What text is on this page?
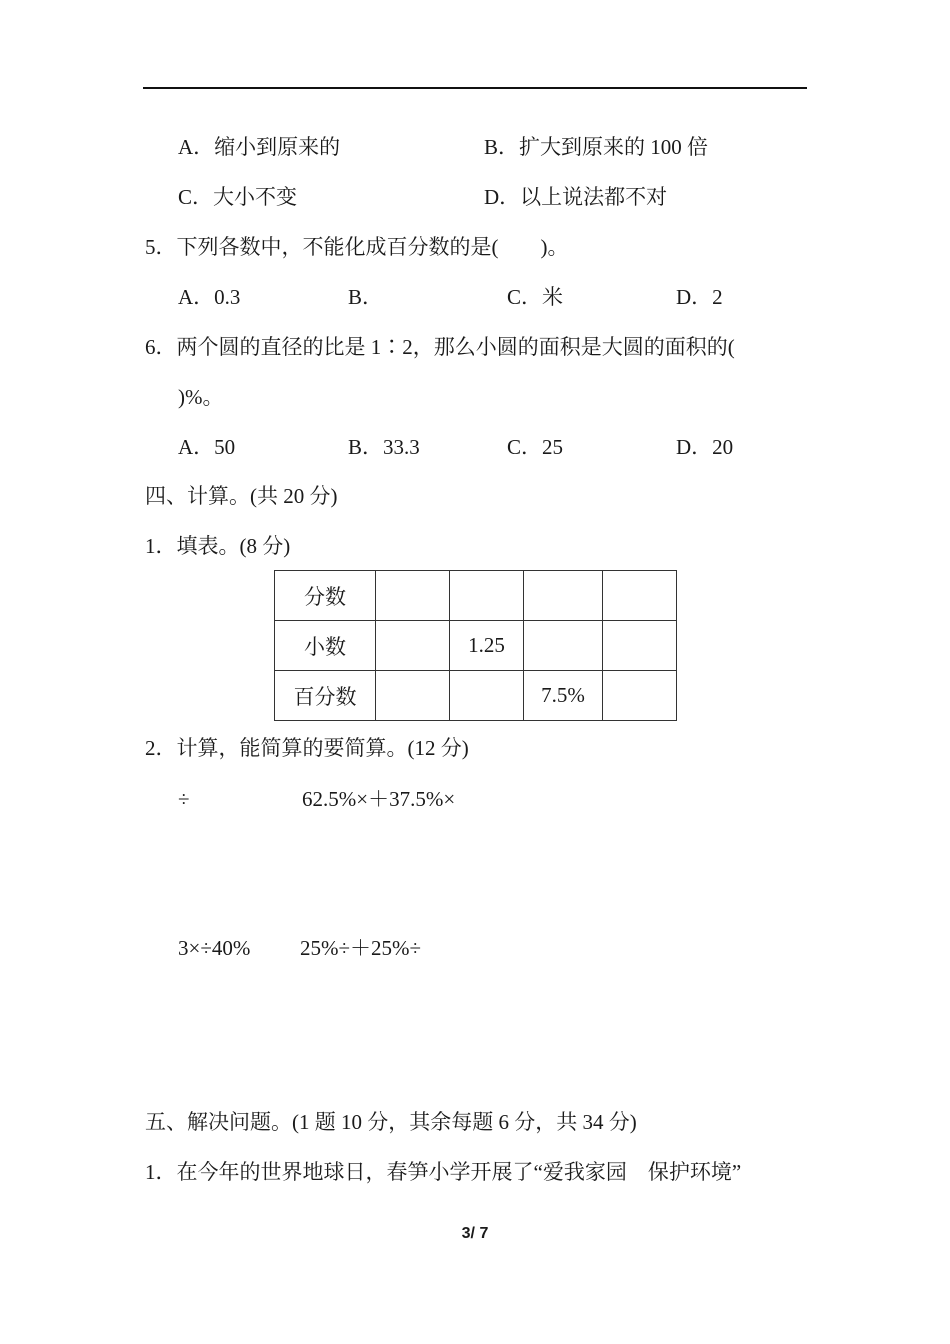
A．缩小到原来的	B．扩大到原来的 100 倍
C．大小不变	D．以上说法都不对
5．下列各数中，不能化成百分数的是(　　)。
A．0.3	B．	C．米	D．2
6．两个圆的直径的比是 1∶2，那么小圆的面积是大圆的面积的(
)%。
A．50	B．33.3	C．25	D．20
四、计算。(共 20 分)
1．填表。(8 分)
分数				
小数		1.25		
百分数			7.5%	
2．计算，能简算的要简算。(12 分)
÷	62.5%×＋37.5%×
3×÷40% 25%÷＋25%÷
五、解决问题。(1 题 10 分，其余每题 6 分，共 34 分)
1．在今年的世界地球日，春笋小学开展了“爱我家园　保护环境”
3/ 7
